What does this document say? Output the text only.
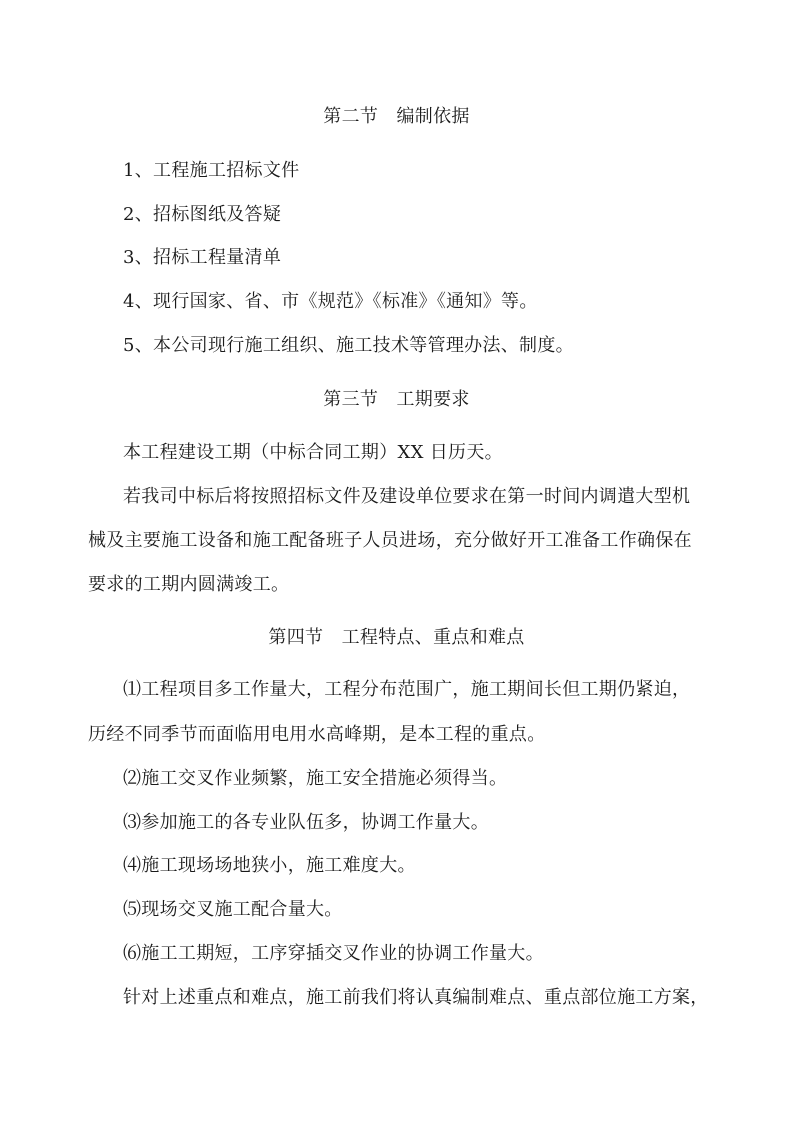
第二节　编制依据
1、工程施工招标文件
2、招标图纸及答疑
3、招标工程量清单
4、现行国家、省、市《规范》《标准》《通知》等。
5、本公司现行施工组织、施工技术等管理办法、制度。
第三节　工期要求
本工程建设工期（中标合同工期）XX 日历天。
若我司中标后将按照招标文件及建设单位要求在第一时间内调遣大型机
械及主要施工设备和施工配备班子人员进场，充分做好开工准备工作确保在
要求的工期内圆满竣工。
第四节　工程特点、重点和难点
⑴工程项目多工作量大，工程分布范围广，施工期间长但工期仍紧迫，
历经不同季节而面临用电用水高峰期，是本工程的重点。
⑵施工交叉作业频繁，施工安全措施必须得当。
⑶参加施工的各专业队伍多，协调工作量大。
⑷施工现场场地狭小，施工难度大。
⑸现场交叉施工配合量大。
⑹施工工期短，工序穿插交叉作业的协调工作量大。
针对上述重点和难点，施工前我们将认真编制难点、重点部位施工方案，
